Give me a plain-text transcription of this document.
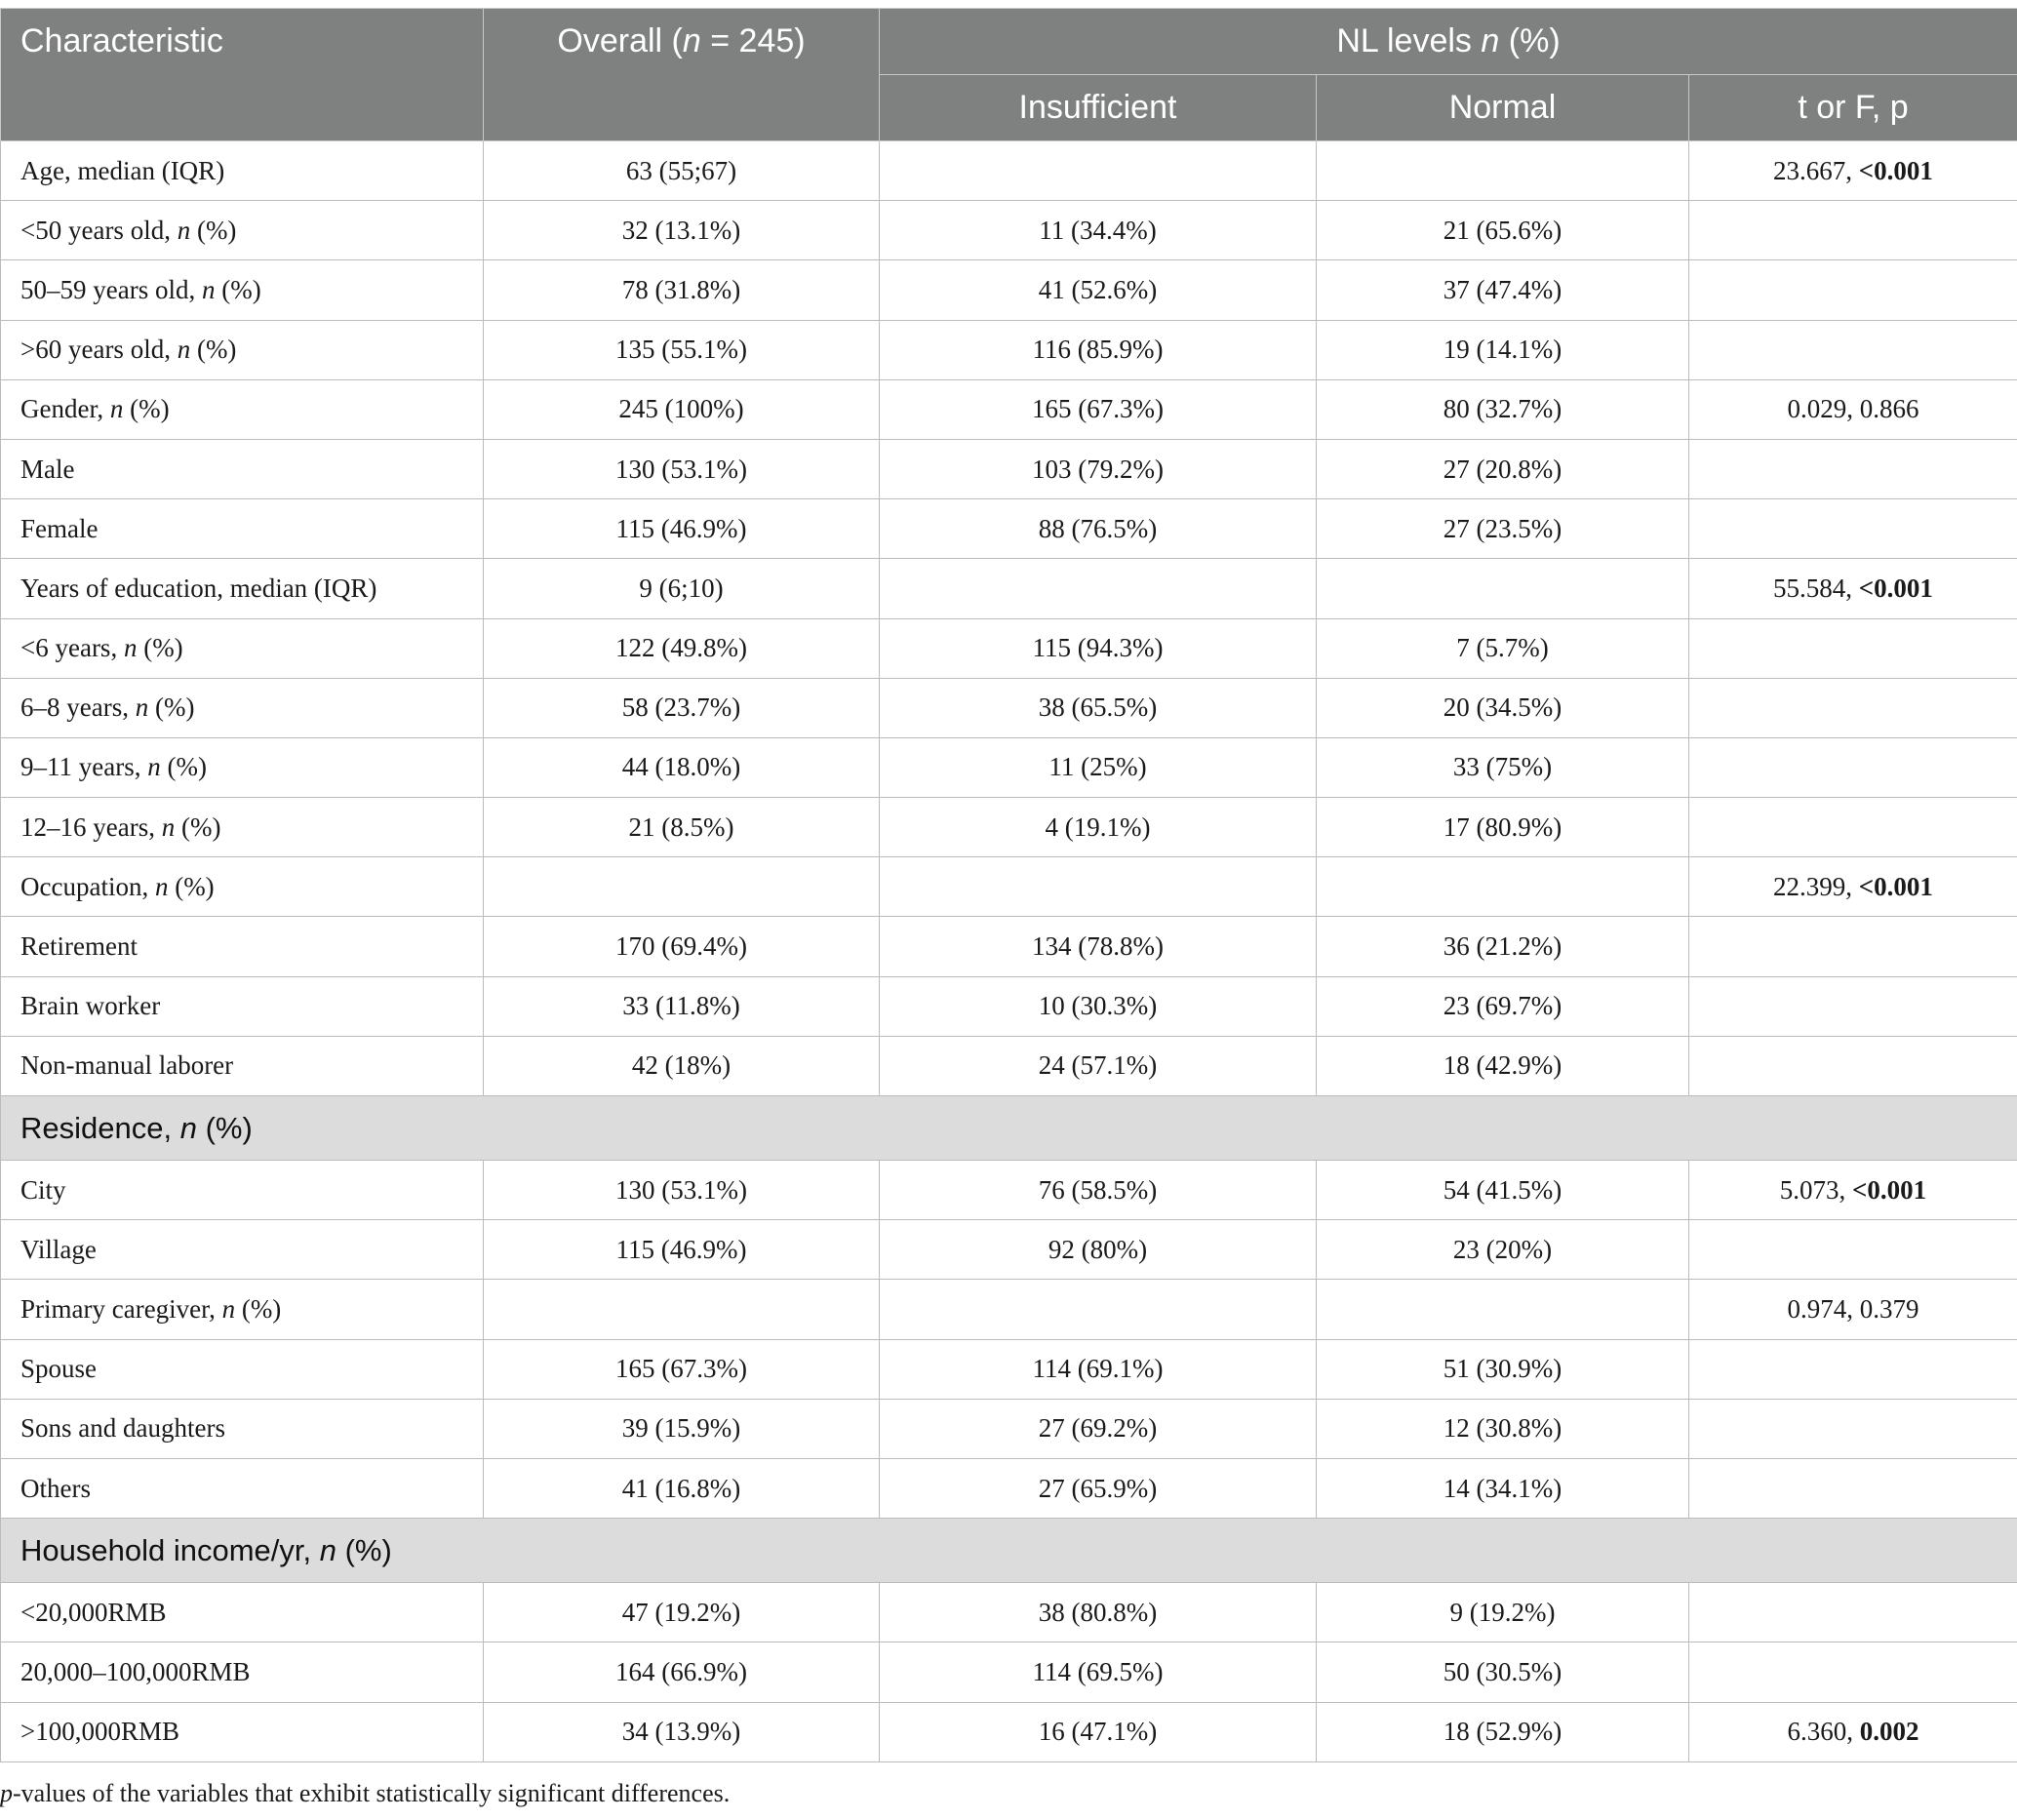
Characteristic	Overall (n = 245)	NL levels n (%)		
		Insufficient	Normal	t or F, p
Age, median (IQR)	63 (55;67)			23.667, <0.001
<50 years old, n (%)	32 (13.1%)	11 (34.4%)	21 (65.6%)	
50–59 years old, n (%)	78 (31.8%)	41 (52.6%)	37 (47.4%)	
>60 years old, n (%)	135 (55.1%)	116 (85.9%)	19 (14.1%)	
Gender, n (%)	245 (100%)	165 (67.3%)	80 (32.7%)	0.029, 0.866
Male	130 (53.1%)	103 (79.2%)	27 (20.8%)	
Female	115 (46.9%)	88 (76.5%)	27 (23.5%)	
Years of education, median (IQR)	9 (6;10)			55.584, <0.001
<6 years, n (%)	122 (49.8%)	115 (94.3%)	7 (5.7%)	
6–8 years, n (%)	58 (23.7%)	38 (65.5%)	20 (34.5%)	
9–11 years, n (%)	44 (18.0%)	11 (25%)	33 (75%)	
12–16 years, n (%)	21 (8.5%)	4 (19.1%)	17 (80.9%)	
Occupation, n (%)				22.399, <0.001
Retirement	170 (69.4%)	134 (78.8%)	36 (21.2%)	
Brain worker	33 (11.8%)	10 (30.3%)	23 (69.7%)	
Non-manual laborer	42 (18%)	24 (57.1%)	18 (42.9%)	
Residence, n (%)				
City	130 (53.1%)	76 (58.5%)	54 (41.5%)	5.073, <0.001
Village	115 (46.9%)	92 (80%)	23 (20%)	
Primary caregiver, n (%)				0.974, 0.379
Spouse	165 (67.3%)	114 (69.1%)	51 (30.9%)	
Sons and daughters	39 (15.9%)	27 (69.2%)	12 (30.8%)	
Others	41 (16.8%)	27 (65.9%)	14 (34.1%)	
Household income/yr, n (%)				
<20,000RMB	47 (19.2%)	38 (80.8%)	9 (19.2%)	
20,000–100,000RMB	164 (66.9%)	114 (69.5%)	50 (30.5%)	
>100,000RMB	34 (13.9%)	16 (47.1%)	18 (52.9%)	6.360, 0.002
p-values of the variables that exhibit statistically significant differences.
